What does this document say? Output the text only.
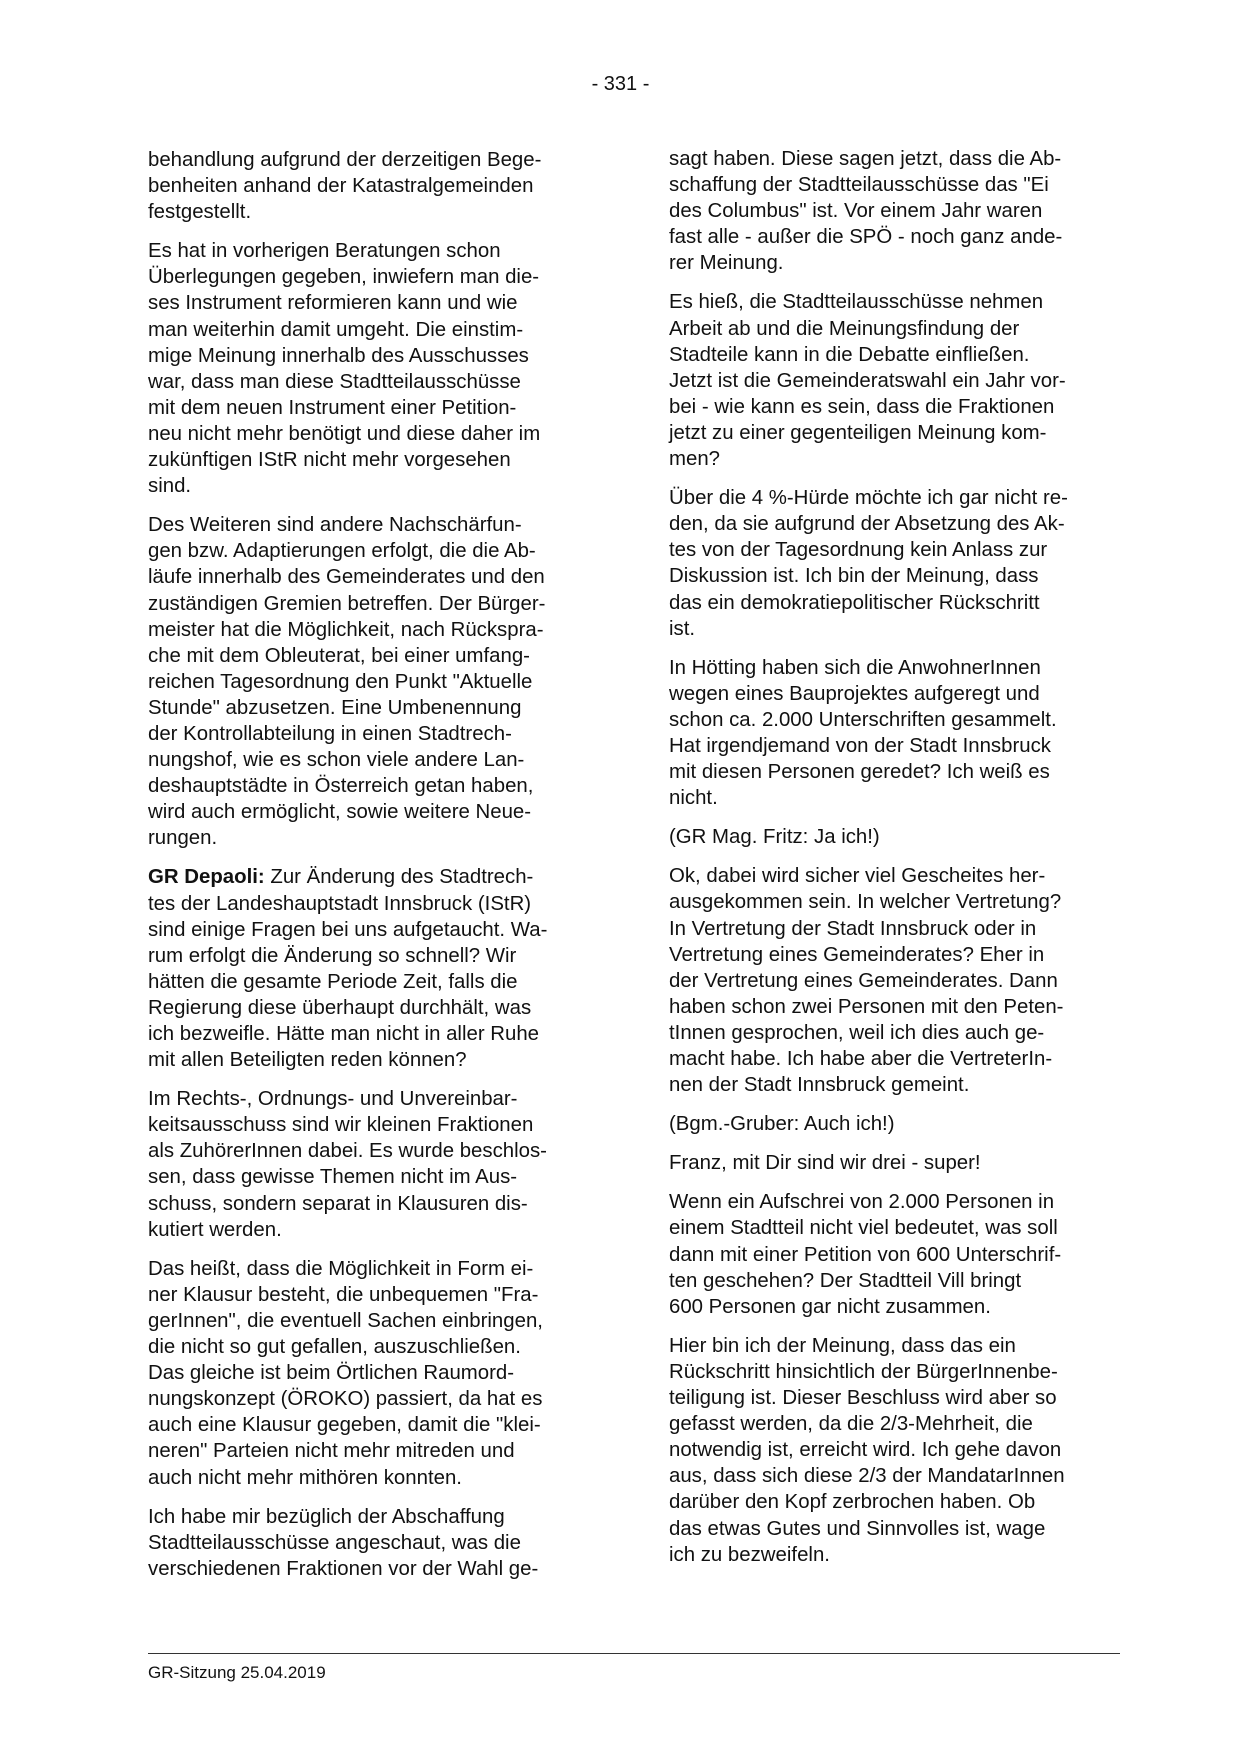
- 331 -
behandlung aufgrund der derzeitigen Bege-
benheiten anhand der Katastralgemeinden
festgestellt.
Es hat in vorherigen Beratungen schon
Überlegungen gegeben, inwiefern man die-
ses Instrument reformieren kann und wie
man weiterhin damit umgeht. Die einstim-
mige Meinung innerhalb des Ausschusses
war, dass man diese Stadtteilausschüsse
mit dem neuen Instrument einer Petition-
neu nicht mehr benötigt und diese daher im
zukünftigen IStR nicht mehr vorgesehen
sind.
Des Weiteren sind andere Nachschärfun-
gen bzw. Adaptierungen erfolgt, die die Ab-
läufe innerhalb des Gemeinderates und den
zuständigen Gremien betreffen. Der Bürger-
meister hat die Möglichkeit, nach Rückspra-
che mit dem Obleuterat, bei einer umfang-
reichen Tagesordnung den Punkt "Aktuelle
Stunde" abzusetzen. Eine Umbenennung
der Kontrollabteilung in einen Stadtrech-
nungshof, wie es schon viele andere Lan-
deshauptstädte in Österreich getan haben,
wird auch ermöglicht, sowie weitere Neue-
rungen.
GR Depaoli: Zur Änderung des Stadtrech-
tes der Landeshauptstadt Innsbruck (IStR)
sind einige Fragen bei uns aufgetaucht. Wa-
rum erfolgt die Änderung so schnell? Wir
hätten die gesamte Periode Zeit, falls die
Regierung diese überhaupt durchhält, was
ich bezweifle. Hätte man nicht in aller Ruhe
mit allen Beteiligten reden können?
Im Rechts-, Ordnungs- und Unvereinbar-
keitsausschuss sind wir kleinen Fraktionen
als ZuhörerInnen dabei. Es wurde beschlos-
sen, dass gewisse Themen nicht im Aus-
schuss, sondern separat in Klausuren dis-
kutiert werden.
Das heißt, dass die Möglichkeit in Form ei-
ner Klausur besteht, die unbequemen "Fra-
gerInnen", die eventuell Sachen einbringen,
die nicht so gut gefallen, auszuschließen.
Das gleiche ist beim Örtlichen Raumord-
nungskonzept (ÖROKO) passiert, da hat es
auch eine Klausur gegeben, damit die "klei-
neren" Parteien nicht mehr mitreden und
auch nicht mehr mithören konnten.
Ich habe mir bezüglich der Abschaffung
Stadtteilausschüsse angeschaut, was die
verschiedenen Fraktionen vor der Wahl ge-
sagt haben. Diese sagen jetzt, dass die Ab-
schaffung der Stadtteilausschüsse das "Ei
des Columbus" ist. Vor einem Jahr waren
fast alle - außer die SPÖ - noch ganz ande-
rer Meinung.
Es hieß, die Stadtteilausschüsse nehmen
Arbeit ab und die Meinungsfindung der
Stadteile kann in die Debatte einfließen.
Jetzt ist die Gemeinderatswahl ein Jahr vor-
bei - wie kann es sein, dass die Fraktionen
jetzt zu einer gegenteiligen Meinung kom-
men?
Über die 4 %-Hürde möchte ich gar nicht re-
den, da sie aufgrund der Absetzung des Ak-
tes von der Tagesordnung kein Anlass zur
Diskussion ist. Ich bin der Meinung, dass
das ein demokratiepolitischer Rückschritt
ist.
In Hötting haben sich die AnwohnerInnen
wegen eines Bauprojektes aufgeregt und
schon ca. 2.000 Unterschriften gesammelt.
Hat irgendjemand von der Stadt Innsbruck
mit diesen Personen geredet? Ich weiß es
nicht.
(GR Mag. Fritz: Ja ich!)
Ok, dabei wird sicher viel Gescheites her-
ausgekommen sein. In welcher Vertretung?
In Vertretung der Stadt Innsbruck oder in
Vertretung eines Gemeinderates? Eher in
der Vertretung eines Gemeinderates. Dann
haben schon zwei Personen mit den Peten-
tInnen gesprochen, weil ich dies auch ge-
macht habe. Ich habe aber die VertreterIn-
nen der Stadt Innsbruck gemeint.
(Bgm.-Gruber: Auch ich!)
Franz, mit Dir sind wir drei - super!
Wenn ein Aufschrei von 2.000 Personen in
einem Stadtteil nicht viel bedeutet, was soll
dann mit einer Petition von 600 Unterschrif-
ten geschehen? Der Stadtteil Vill bringt
600 Personen gar nicht zusammen.
Hier bin ich der Meinung, dass das ein
Rückschritt hinsichtlich der BürgerInnenbe-
teiligung ist. Dieser Beschluss wird aber so
gefasst werden, da die 2/3-Mehrheit, die
notwendig ist, erreicht wird. Ich gehe davon
aus, dass sich diese 2/3 der MandatarInnen
darüber den Kopf zerbrochen haben. Ob
das etwas Gutes und Sinnvolles ist, wage
ich zu bezweifeln.
GR-Sitzung 25.04.2019
